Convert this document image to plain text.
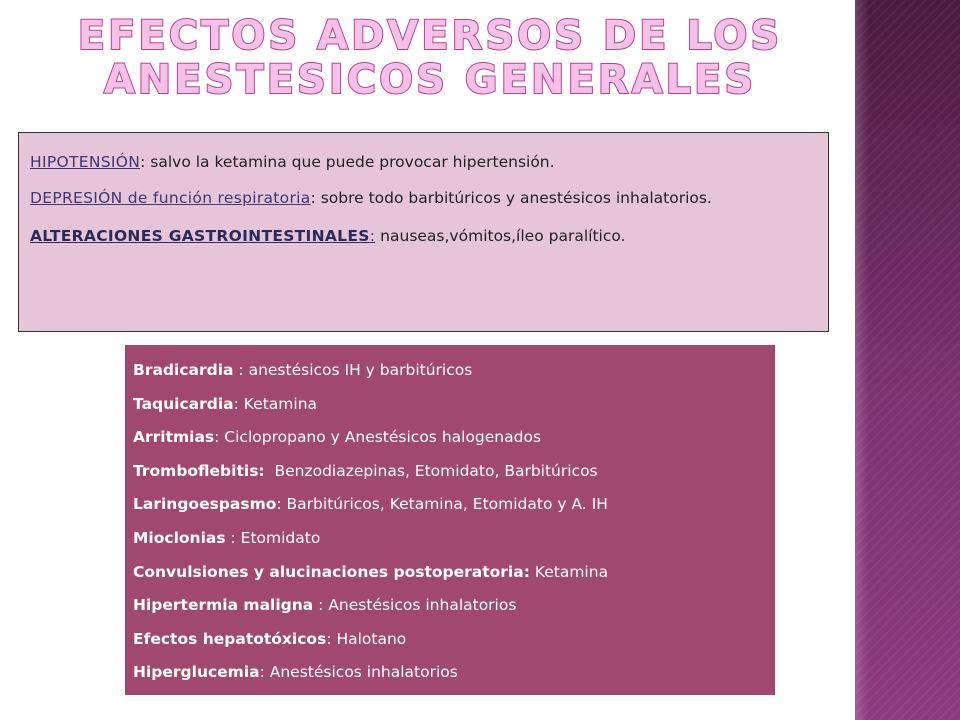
EFECTOS ADVERSOS DE LOS
ANESTESICOS GENERALES

HIPOTENSIÓN: salvo la ketamina que puede provocar hipertensión.

DEPRESIÓN de función respiratoria: sobre todo barbitúricos y anestésicos inhalatorios.

ALTERACIONES GASTROINTESTINALES: nauseas,vómitos,íleo paralítico.

Bradicardia : anestésicos IH y barbitúricos
Taquicardia: Ketamina
Arritmias: Ciclopropano y Anestésicos halogenados
Tromboflebitis:  Benzodiazepinas, Etomidato, Barbitúricos
Laringoespasmo: Barbitúricos, Ketamina, Etomidato y A. IH
Mioclonias : Etomidato
Convulsiones y alucinaciones postoperatoria: Ketamina
Hipertermia maligna : Anestésicos inhalatorios
Efectos hepatotóxicos: Halotano
Hiperglucemia: Anestésicos inhalatorios
